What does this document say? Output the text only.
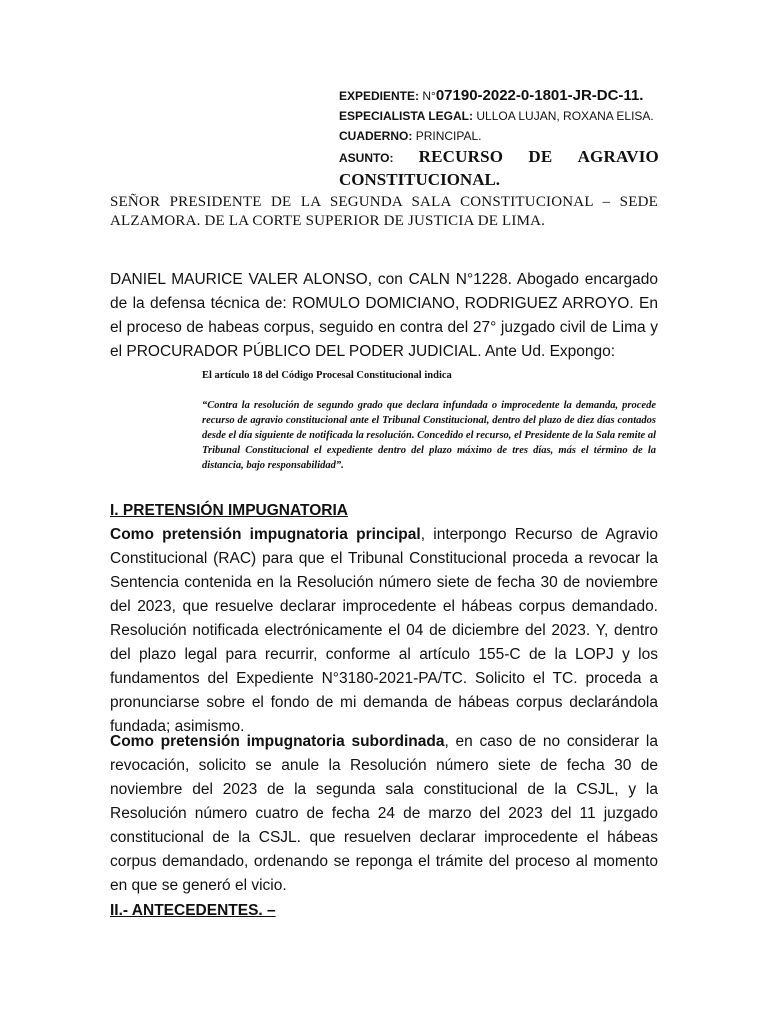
EXPEDIENTE: N°07190-2022-0-1801-JR-DC-11.
ESPECIALISTA LEGAL: ULLOA LUJAN, ROXANA ELISA.
CUADERNO: PRINCIPAL.
ASUNTO: RECURSO DE AGRAVIO
CONSTITUCIONAL.
SEÑOR PRESIDENTE DE LA SEGUNDA SALA CONSTITUCIONAL – SEDE ALZAMORA. DE LA CORTE SUPERIOR DE JUSTICIA DE LIMA.
DANIEL MAURICE VALER ALONSO, con CALN N°1228. Abogado encargado de la defensa técnica de: ROMULO DOMICIANO, RODRIGUEZ ARROYO. En el proceso de habeas corpus, seguido en contra del 27° juzgado civil de Lima y el PROCURADOR PÚBLICO DEL PODER JUDICIAL. Ante Ud. Expongo:
El artículo 18 del Código Procesal Constitucional indica
“Contra la resolución de segundo grado que declara infundada o improcedente la demanda, procede recurso de agravio constitucional ante el Tribunal Constitucional, dentro del plazo de diez días contados desde el día siguiente de notificada la resolución. Concedido el recurso, el Presidente de la Sala remite al Tribunal Constitucional el expediente dentro del plazo máximo de tres días, más el término de la distancia, bajo responsabilidad”.
I. PRETENSIÓN IMPUGNATORIA
Como pretensión impugnatoria principal, interpongo Recurso de Agravio Constitucional (RAC) para que el Tribunal Constitucional proceda a revocar la Sentencia contenida en la Resolución número siete de fecha 30 de noviembre del 2023, que resuelve declarar improcedente el hábeas corpus demandado. Resolución notificada electrónicamente el 04 de diciembre del 2023. Y, dentro del plazo legal para recurrir, conforme al artículo 155-C de la LOPJ y los fundamentos del Expediente N°3180-2021-PA/TC. Solicito el TC. proceda a pronunciarse sobre el fondo de mi demanda de hábeas corpus declarándola fundada; asimismo.
Como pretensión impugnatoria subordinada, en caso de no considerar la revocación, solicito se anule la Resolución número siete de fecha 30 de noviembre del 2023 de la segunda sala constitucional de la CSJL, y la Resolución número cuatro de fecha 24 de marzo del 2023 del 11 juzgado constitucional de la CSJL. que resuelven declarar improcedente el hábeas corpus demandado, ordenando se reponga el trámite del proceso al momento en que se generó el vicio.
II.- ANTECEDENTES. –
